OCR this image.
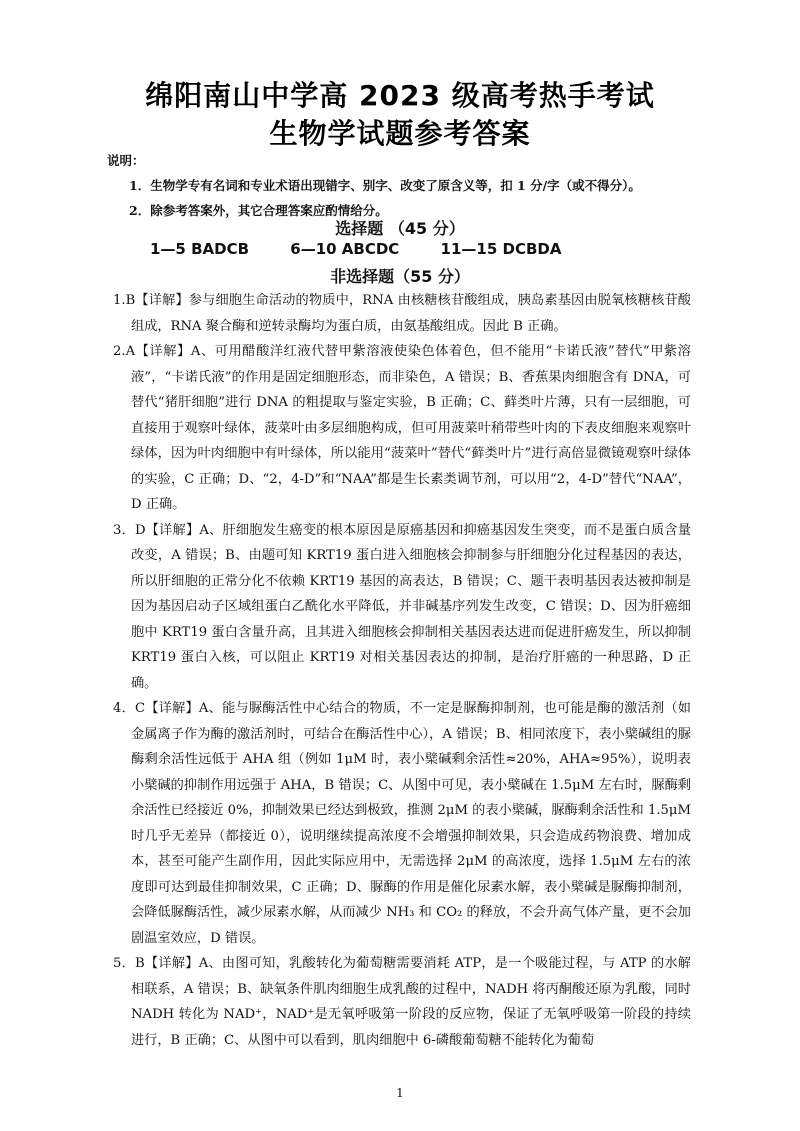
绵阳南山中学高 2023 级高考热手考试
生物学试题参考答案
说明：
1．生物学专有名词和专业术语出现错字、别字、改变了原含义等，扣 1 分/字（或不得分）。
2．除参考答案外，其它合理答案应酌情给分。
选择题 （45 分）
1—5 BADCB	6—10 ABCDC	11—15 DCBDA
非选择题（55 分）

1.B【详解】参与细胞生命活动的物质中，RNA 由核糖核苷酸组成，胰岛素基因由脱氧核糖核苷酸组成，RNA 聚合酶和逆转录酶均为蛋白质，由氨基酸组成。因此 B 正确。

2.A【详解】A、可用醋酸洋红液代替甲紫溶液使染色体着色，但不能用“卡诺氏液”替代“甲紫溶液”，“卡诺氏液”的作用是固定细胞形态，而非染色，A 错误；B、香蕉果肉细胞含有 DNA，可替代“猪肝细胞”进行 DNA 的粗提取与鉴定实验，B 正确；C、藓类叶片薄，只有一层细胞，可直接用于观察叶绿体，菠菜叶由多层细胞构成，但可用菠菜叶稍带些叶肉的下表皮细胞来观察叶绿体，因为叶肉细胞中有叶绿体，所以能用“菠菜叶”替代“藓类叶片”进行高倍显微镜观察叶绿体的实验，C 正确；D、“2，4-D”和“NAA”都是生长素类调节剂，可以用“2，4-D”替代“NAA”，D 正确。

3．D【详解】A、肝细胞发生癌变的根本原因是原癌基因和抑癌基因发生突变，而不是蛋白质含量改变，A 错误；B、由题可知 KRT19 蛋白进入细胞核会抑制参与肝细胞分化过程基因的表达，所以肝细胞的正常分化不依赖 KRT19 基因的高表达，B 错误；C、题干表明基因表达被抑制是因为基因启动子区域组蛋白乙酰化水平降低，并非碱基序列发生改变，C 错误；D、因为肝癌细胞中 KRT19 蛋白含量升高，且其进入细胞核会抑制相关基因表达进而促进肝癌发生，所以抑制 KRT19 蛋白入核，可以阻止 KRT19 对相关基因表达的抑制，是治疗肝癌的一种思路，D 正确。

4．C【详解】A、能与脲酶活性中心结合的物质，不一定是脲酶抑制剂，也可能是酶的激活剂（如金属离子作为酶的激活剂时，可结合在酶活性中心），A 错误；B、相同浓度下，表小檗碱组的脲酶剩余活性远低于 AHA 组（例如 1μM 时，表小檗碱剩余活性≈20%，AHA≈95%），说明表小檗碱的抑制作用远强于 AHA，B 错误；C、从图中可见，表小檗碱在 1.5μM 左右时，脲酶剩余活性已经接近 0%，抑制效果已经达到极致，推测 2μM 的表小檗碱，脲酶剩余活性和 1.5μM 时几乎无差异（都接近 0），说明继续提高浓度不会增强抑制效果，只会造成药物浪费、增加成本，甚至可能产生副作用，因此实际应用中，无需选择 2μM 的高浓度，选择 1.5μM 左右的浓度即可达到最佳抑制效果，C 正确；D、脲酶的作用是催化尿素水解，表小檗碱是脲酶抑制剂，会降低脲酶活性，减少尿素水解，从而减少 NH₃ 和 CO₂ 的释放，不会升高气体产量，更不会加剧温室效应，D 错误。

5．B【详解】A、由图可知，乳酸转化为葡萄糖需要消耗 ATP，是一个吸能过程，与 ATP 的水解相联系，A 错误；B、缺氧条件肌肉细胞生成乳酸的过程中，NADH 将丙酮酸还原为乳酸，同时 NADH 转化为 NAD⁺，NAD⁺是无氧呼吸第一阶段的反应物，保证了无氧呼吸第一阶段的持续进行，B 正确；C、从图中可以看到，肌肉细胞中 6-磷酸葡萄糖不能转化为葡萄

1
